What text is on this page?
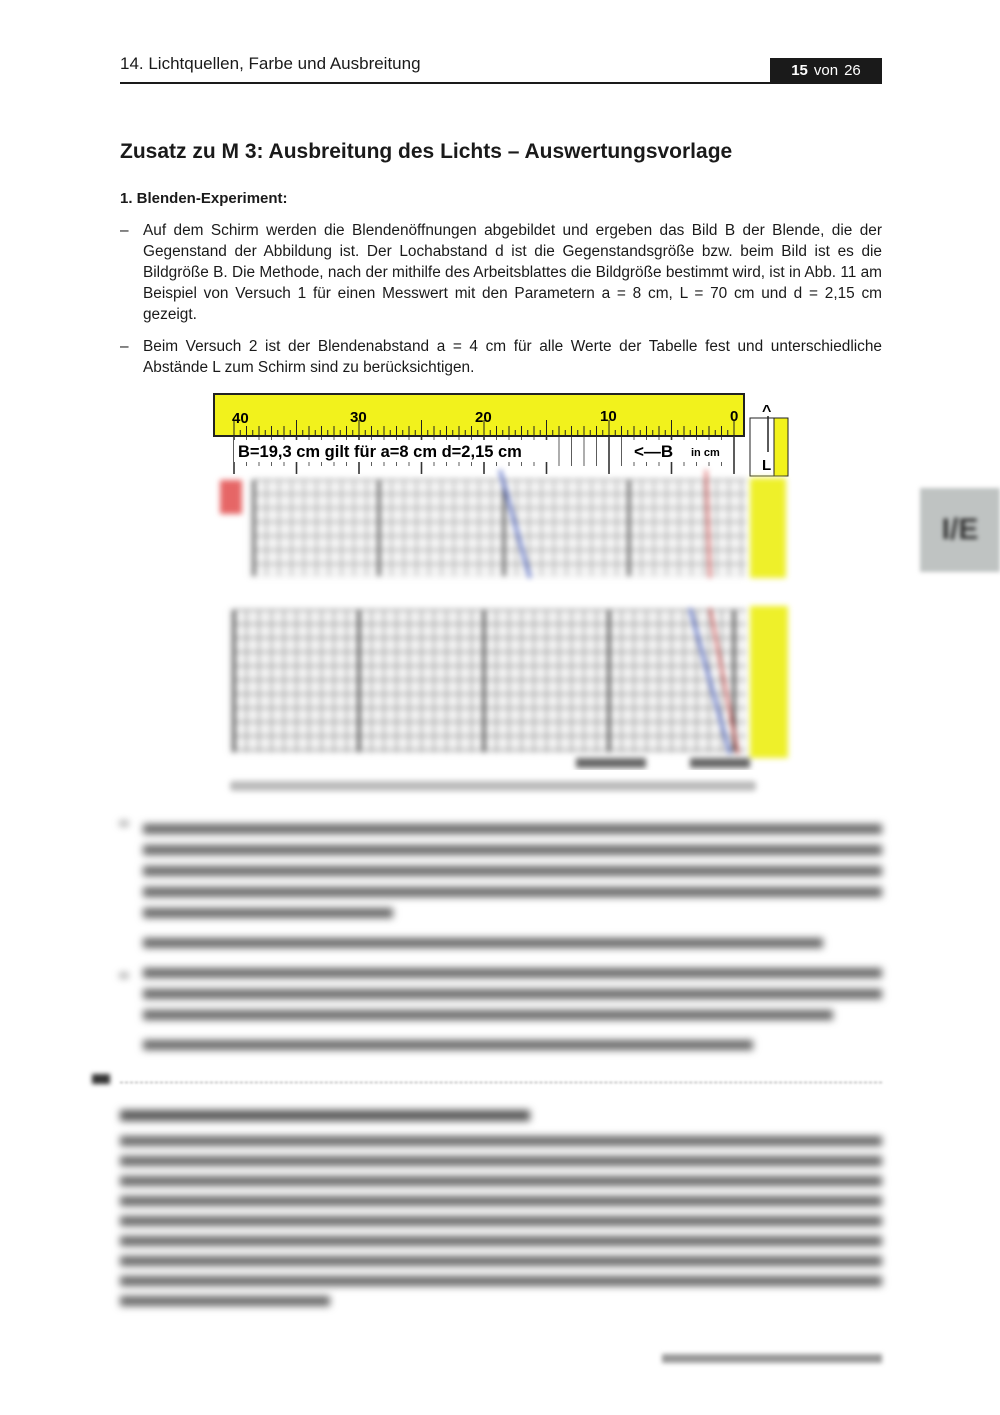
14. Lichtquellen, Farbe und Ausbreitung	15 von 26
I/E
Zusatz zu M 3: Ausbreitung des Lichts – Auswertungsvorlage
1. Blenden-Experiment:
– Auf dem Schirm werden die Blendenöffnungen abgebildet und ergeben das Bild B der Blende, die der Gegenstand der Abbildung ist. Der Lochabstand d ist die Gegenstandsgröße bzw. beim Bild ist es die Bildgröße B. Die Methode, nach der mithilfe des Arbeitsblattes die Bildgröße bestimmt wird, ist in Abb. 11 am Beispiel von Versuch 1 für einen Messwert mit den Parametern a = 8 cm, L = 70 cm und d = 2,15 cm gezeigt.
– Beim Versuch 2 ist der Blendenabstand a = 4 cm für alle Werte der Tabelle fest und unterschiedliche Abstände L zum Schirm sind zu berücksichtigen.
40	30	20	10	0
B=19,3 cm gilt für a=8 cm d=2,15 cm	<—B in cm
^
L
